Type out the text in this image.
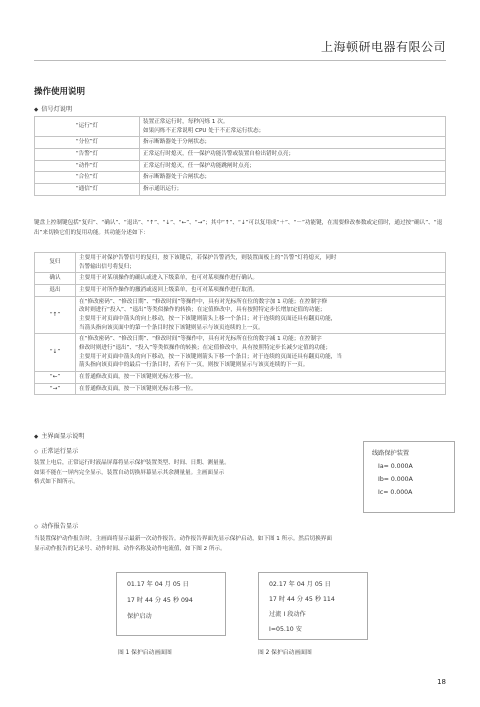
上海顿研电器有限公司
操作使用说明
◆ 信号灯说明
“运行”灯	装置正常运行时，每秒闪烁 1 次。
如果闪烁不正常说明 CPU 处于不正常运行状态；

“分位”灯	指示断路器处于分闸状态；

“告警”灯	正常运行时熄灭，任一保护功能告警或装置自检出错时点亮；

“动作”灯	正常运行时熄灭，任一保护功能跳闸时点亮；

“合位”灯	指示断路器处于合闸状态；

“通信”灯	指示通讯运行；
键盘上控制键包括“复归”、“确认”、“退出”、“↑”、“↓”、“←”、“→”；其中“↑”、“↓”可以复用成“＋”、“－”功能键，在需要修改参数或定值时，通过按“确认”、“退出”来切换它们的复用功能。其功能分述如下：
复归	主要用于对保护告警信号的复归，按下该键后，若保护告警消失，则装置面板上的“告警”灯将熄灭，同时
告警输出信号将复归；

确认	主要用于对某项操作的确认或进入下级菜单，也可对某项操作进行确认。

退出	主要用于对所作操作的撤消或返回上级菜单，也可对某项操作进行取消。

“↑”	在“修改密码”、“修改日期”、“修改时间”等操作中，具有对光标所在位的数字加 1 功能；在控制字修
改时则进行“投入”、“退出”等类似操作的转换；在定值修改中，具有按照特定步长增加定值的功能；
主要用于对页面中箭头的向上移动，按一下该键则箭头上移一个条目；对于连续的页面还具有翻页功能，
当箭头指向该页面中的第一个条目时按下该键则显示与该页连续的上一页。

“↓”	在“修改密码”、“修改日期”、“修改时间”等操作中，具有对光标所在位的数字减 1 功能；在控制字
修改时则进行“退出”、“投入”等类似操作的转换；在定值修改中，具有按照特定步长减少定值的功能；
主要用于对页面中箭头的向下移动，按一下该键则箭头下移一个条目；对于连续的页面还具有翻页功能，当
箭头指向该页面中的最后一行条目时，若有下一页，则按下该键则显示与该页连续的下一页。

“←”	在普通修改页面，按一下该键则光标左移一位。

“→”	在普通修改页面，按一下该键则光标右移一位。
◆ 主界面显示说明
◇ 正常运行显示
装置上电后，正常运行时液晶屏幕将显示保护装置类型、时间、日期、测量量。
如果不能在一屏内完全显示，装置自动切换屏幕显示其余测量量。主画面显示
格式如下图所示。
线路保护装置
Ia= 0.000A
Ib= 0.000A
Ic= 0.000A
◇ 动作报告显示
当装置保护动作报告时，主画面将显示最新一次动作报告。动作报告界面先显示保护启动，如下图 1 所示。然后切换界面
显示动作报告的记录号、动作时间、动作名称及动作电流值，如下图 2 所示。
01.17 年 04 月 05 日
17 时 44 分 45 秒 094
保护启动
02.17 年 04 月 05 日
17 时 44 分 45 秒 114
过流 I 段动作
I=05.10 安
图 1 保护启动画面图	图 2 保护启动画面图
18
